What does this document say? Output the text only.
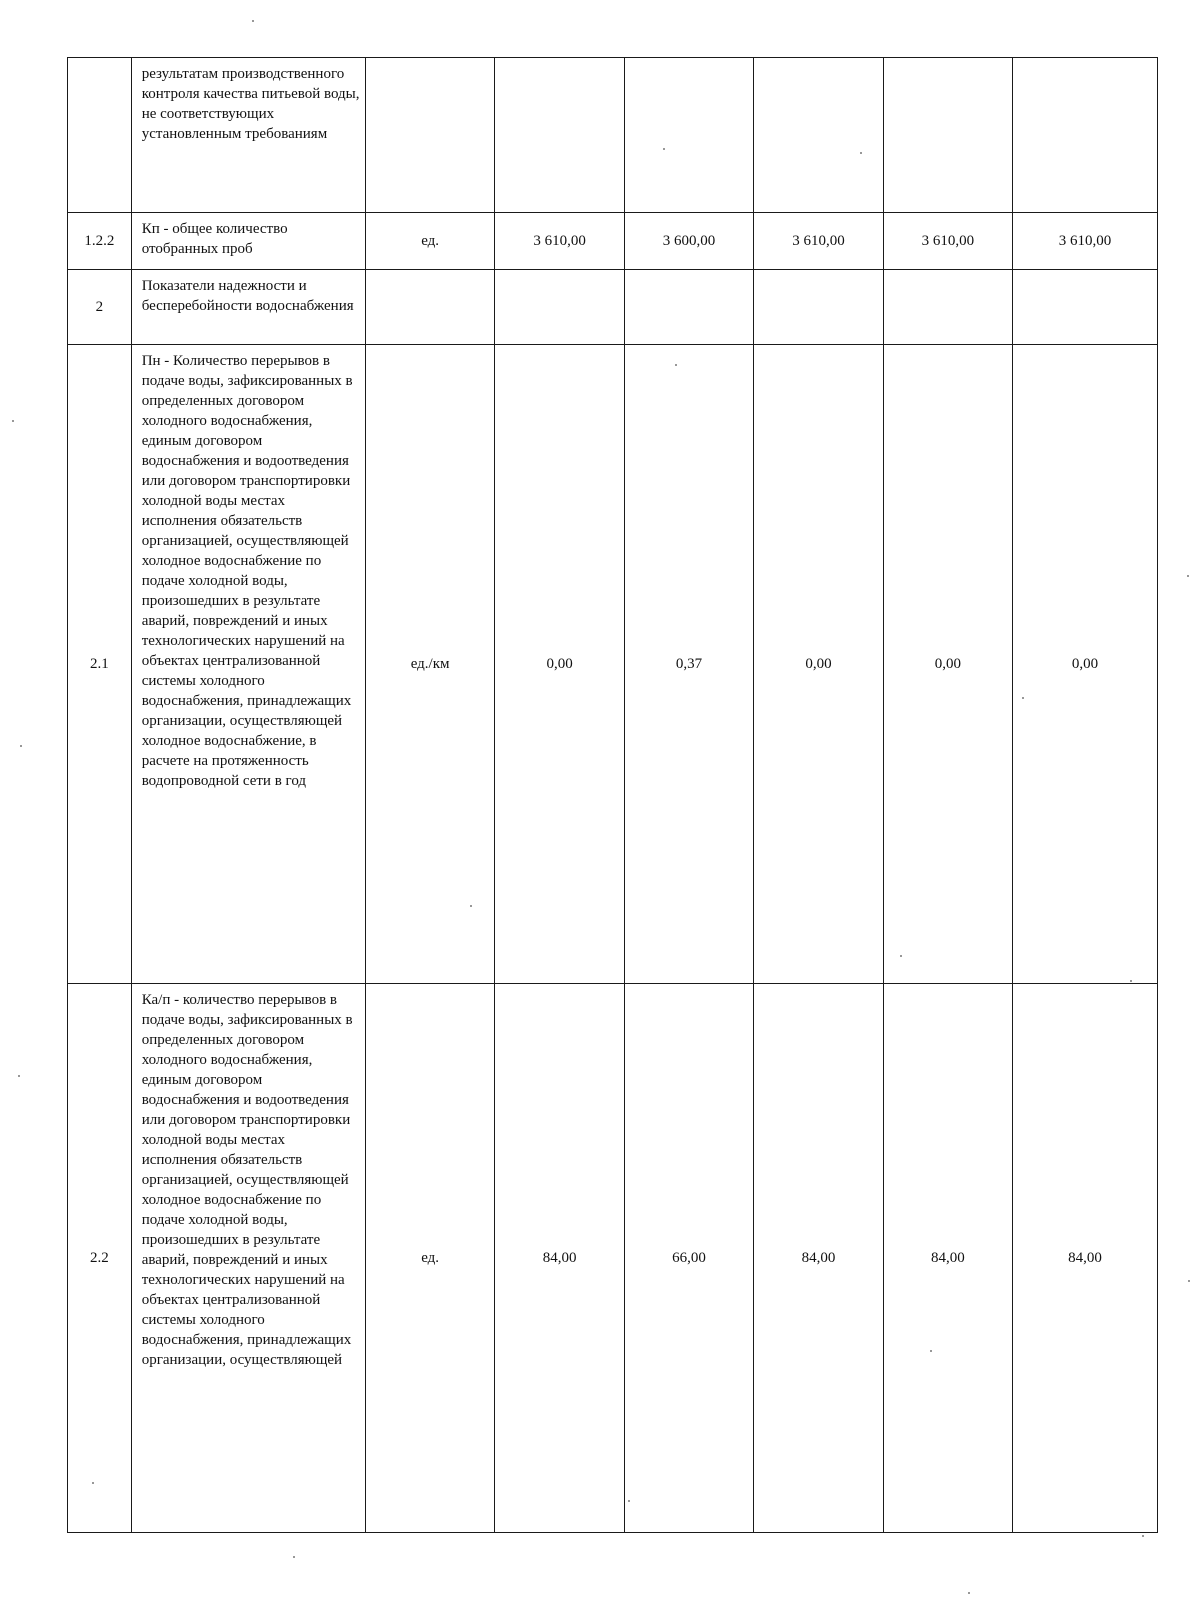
	результатам производственного контроля качества питьевой воды, не соответствующих установленным требованиям						

1.2.2	Кп - общее количество отобранных проб	ед.	3 610,00	3 600,00	3 610,00	3 610,00	3 610,00
2	Показатели надежности и бесперебойности водоснабжения						

2.1	Пн - Количество перерывов в подаче воды, зафиксированных в определенных договором холодного водоснабжения, единым договором водоснабжения и водоотведения или договором транспортировки холодной воды местах исполнения обязательств организацией, осуществляющей холодное водоснабжение по подаче холодной воды, произошедших в результате аварий, повреждений и иных технологических нарушений на объектах централизованной системы холодного водоснабжения, принадлежащих организации, осуществляющей холодное водоснабжение, в расчете на протяженность водопроводной сети в год	ед./км	0,00	0,37	0,00	0,00	0,00
2.2	Ка/п - количество перерывов в подаче воды, зафиксированных в определенных договором холодного водоснабжения, единым договором водоснабжения и водоотведения или договором транспортировки холодной воды местах исполнения обязательств организацией, осуществляющей холодное водоснабжение по подаче холодной воды, произошедших в результате аварий, повреждений и иных технологических нарушений на объектах централизованной системы холодного водоснабжения, принадлежащих организации, осуществляющей	ед.	84,00	66,00	84,00	84,00	84,00
